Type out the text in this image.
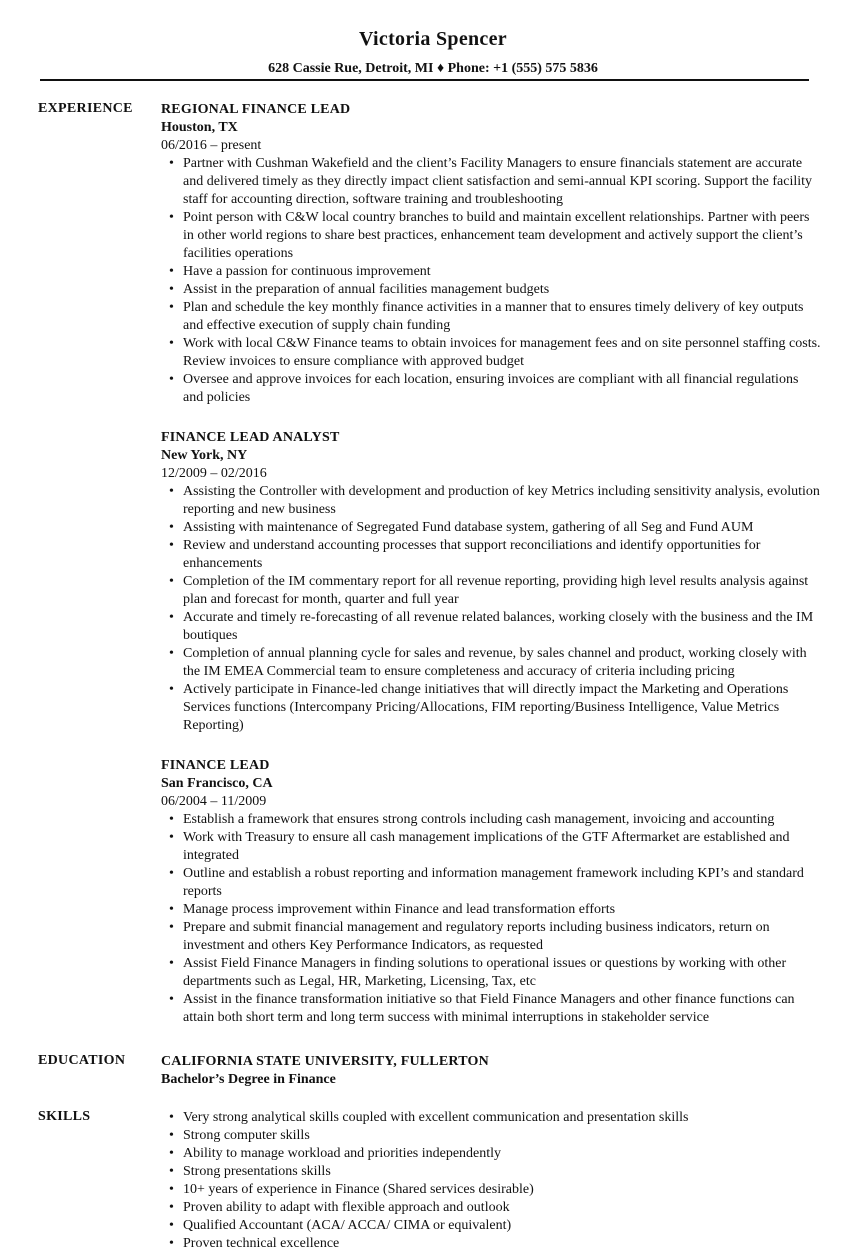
Victoria Spencer
628 Cassie Rue, Detroit, MI ♦ Phone: +1 (555) 575 5836
EXPERIENCE REGIONAL FINANCE LEAD
Houston, TX
06/2016 – present
• Partner with Cushman Wakefield and the client’s Facility Managers to ensure financials statement are accurate and delivered timely as they directly impact client satisfaction and semi-annual KPI scoring. Support the facility staff for accounting direction, software training and troubleshooting
• Point person with C&W local country branches to build and maintain excellent relationships. Partner with peers in other world regions to share best practices, enhancement team development and actively support the client’s facilities operations
• Have a passion for continuous improvement
• Assist in the preparation of annual facilities management budgets
• Plan and schedule the key monthly finance activities in a manner that to ensures timely delivery of key outputs and effective execution of supply chain funding
• Work with local C&W Finance teams to obtain invoices for management fees and on site personnel staffing costs. Review invoices to ensure compliance with approved budget
• Oversee and approve invoices for each location, ensuring invoices are compliant with all financial regulations and policies
FINANCE LEAD ANALYST
New York, NY
12/2009 – 02/2016
• Assisting the Controller with development and production of key Metrics including sensitivity analysis, evolution reporting and new business
• Assisting with maintenance of Segregated Fund database system, gathering of all Seg and Fund AUM
• Review and understand accounting processes that support reconciliations and identify opportunities for enhancements
• Completion of the IM commentary report for all revenue reporting, providing high level results analysis against plan and forecast for month, quarter and full year
• Accurate and timely re-forecasting of all revenue related balances, working closely with the business and the IM boutiques
• Completion of annual planning cycle for sales and revenue, by sales channel and product, working closely with the IM EMEA Commercial team to ensure completeness and accuracy of criteria including pricing
• Actively participate in Finance-led change initiatives that will directly impact the Marketing and Operations Services functions (Intercompany Pricing/Allocations, FIM reporting/Business Intelligence, Value Metrics Reporting)
FINANCE LEAD
San Francisco, CA
06/2004 – 11/2009
• Establish a framework that ensures strong controls including cash management, invoicing and accounting
• Work with Treasury to ensure all cash management implications of the GTF Aftermarket are established and integrated
• Outline and establish a robust reporting and information management framework including KPI’s and standard reports
• Manage process improvement within Finance and lead transformation efforts
• Prepare and submit financial management and regulatory reports including business indicators, return on investment and others Key Performance Indicators, as requested
• Assist Field Finance Managers in finding solutions to operational issues or questions by working with other departments such as Legal, HR, Marketing, Licensing, Tax, etc
• Assist in the finance transformation initiative so that Field Finance Managers and other finance functions can attain both short term and long term success with minimal interruptions in stakeholder service
EDUCATION	CALIFORNIA STATE UNIVERSITY, FULLERTON
Bachelor’s Degree in Finance
SKILLS
•	Very strong analytical skills coupled with excellent communication and presentation skills
• Strong computer skills
• Ability to manage workload and priorities independently
• Strong presentations skills
• 10+ years of experience in Finance (Shared services desirable)
• Proven ability to adapt with flexible approach and outlook
• Qualified Accountant (ACA/ ACCA/ CIMA or equivalent)
• Proven technical excellence
